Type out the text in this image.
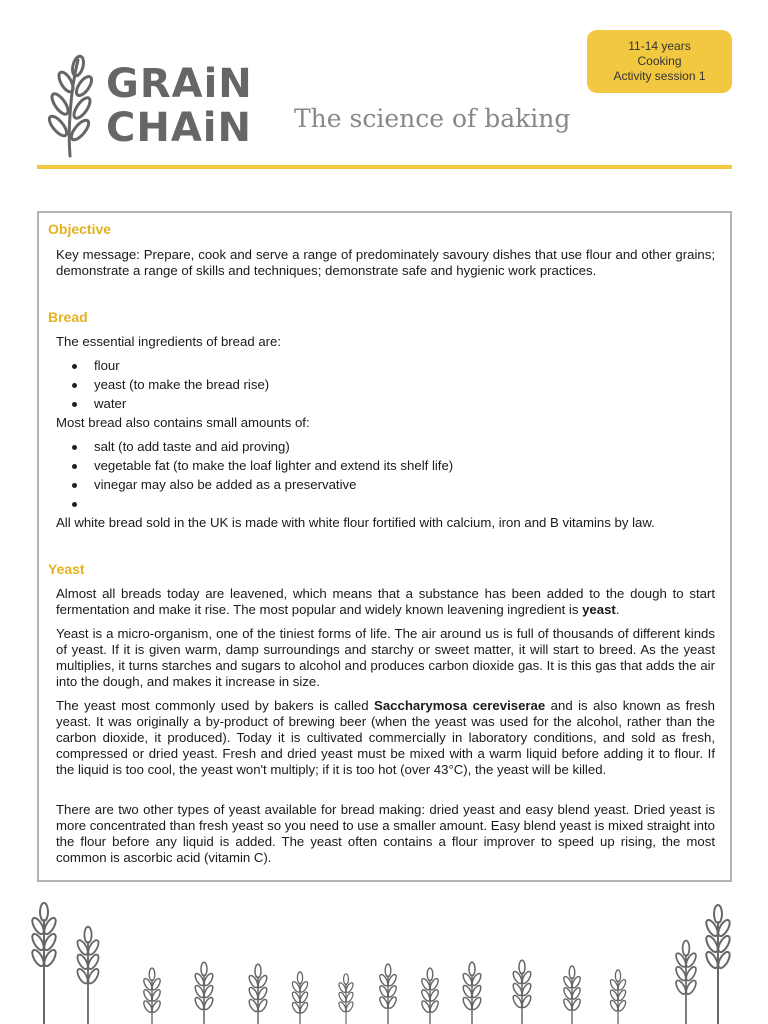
GRAiN
CHAiN The science of baking
11-14 years
Cooking
Activity session 1
Objective
Key message: Prepare, cook and serve a range of predominately savoury dishes that use flour and other grains; demonstrate a range of skills and techniques; demonstrate safe and hygienic work practices.
Bread
The essential ingredients of bread are:
flour
yeast (to make the bread rise)
water
Most bread also contains small amounts of:
salt (to add taste and aid proving)
vegetable fat (to make the loaf lighter and extend its shelf life)
vinegar may also be added as a preservative
All white bread sold in the UK is made with white flour fortified with calcium, iron and B vitamins by law.
Yeast
Almost all breads today are leavened, which means that a substance has been added to the dough to start fermentation and make it rise. The most popular and widely known leavening ingredient is yeast.
Yeast is a micro-organism, one of the tiniest forms of life. The air around us is full of thousands of different kinds of yeast. If it is given warm, damp surroundings and starchy or sweet matter, it will start to breed. As the yeast multiplies, it turns starches and sugars to alcohol and produces carbon dioxide gas. It is this gas that adds the air into the dough, and makes it increase in size.
The yeast most commonly used by bakers is called Saccharymosa cereviserae and is also known as fresh yeast. It was originally a by-product of brewing beer (when the yeast was used for the alcohol, rather than the carbon dioxide, it produced). Today it is cultivated commercially in laboratory conditions, and sold as fresh, compressed or dried yeast. Fresh and dried yeast must be mixed with a warm liquid before adding it to flour. If the liquid is too cool, the yeast won't multiply; if it is too hot (over 43°C), the yeast will be killed.
There are two other types of yeast available for bread making: dried yeast and easy blend yeast. Dried yeast is more concentrated than fresh yeast so you need to use a smaller amount. Easy blend yeast is mixed straight into the flour before any liquid is added. The yeast often contains a flour improver to speed up rising, the most common is ascorbic acid (vitamin C).
